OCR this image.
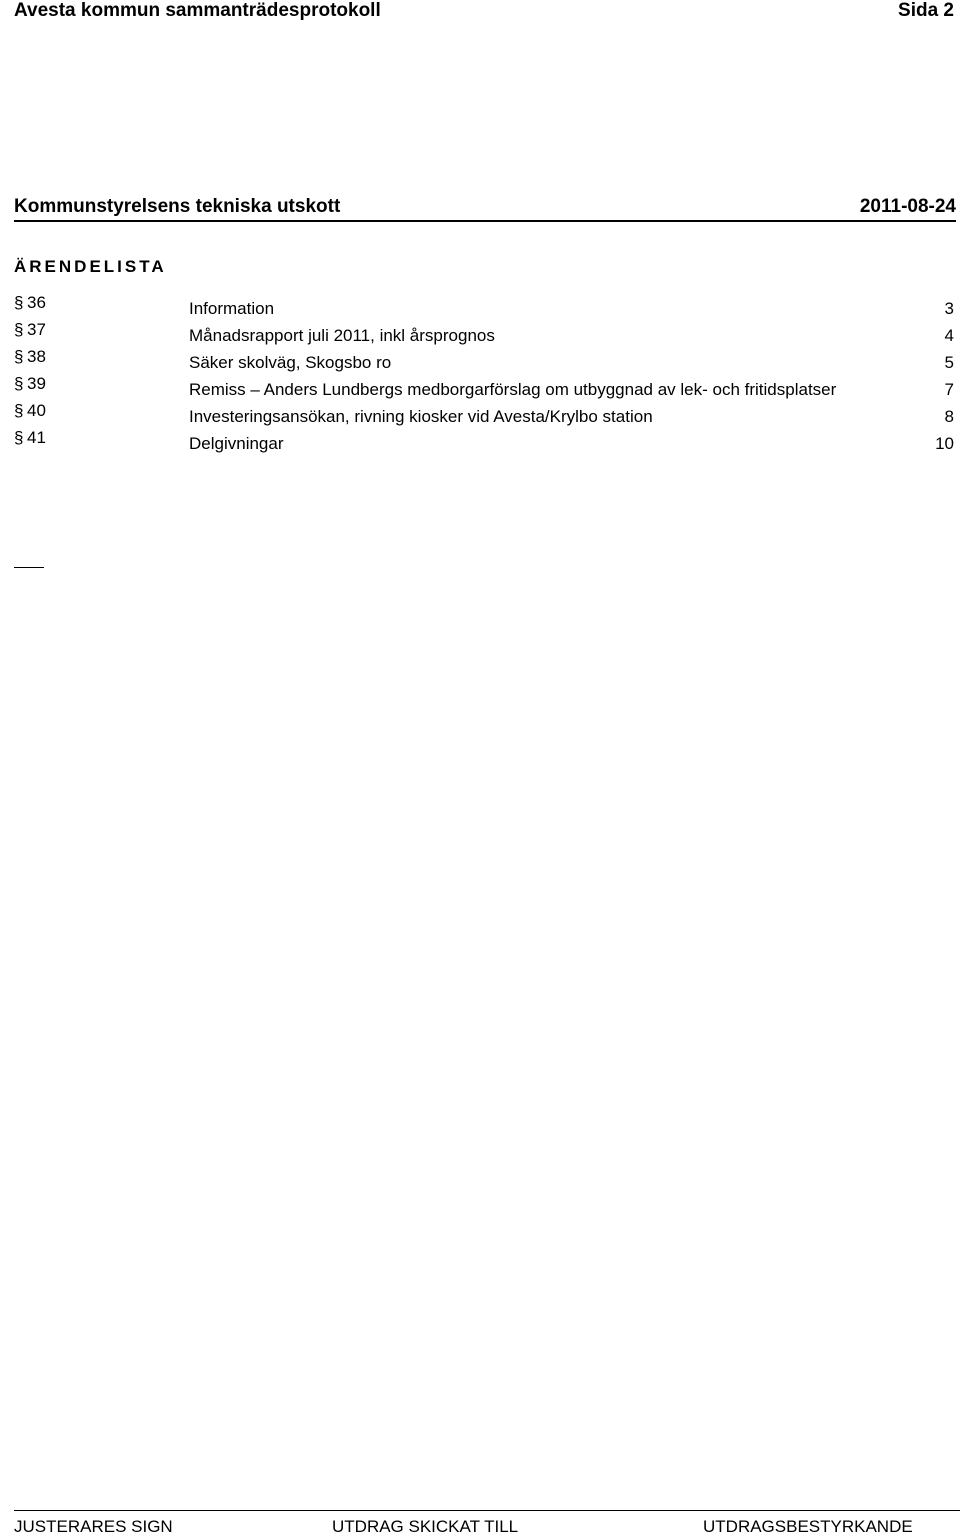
Avesta kommun sammanträdesprotokoll	Sida 2
Kommunstyrelsens tekniska utskott	2011-08-24
ÄRENDELISTA
§ 36	Information	3
§ 37	Månadsrapport juli 2011, inkl årsprognos	4
§ 38	Säker skolväg, Skogsbo ro	5
§ 39	Remiss – Anders Lundbergs medborgarförslag om utbyggnad av lek- och fritidsplatser	7
§ 40	Investeringsansökan, rivning kiosker vid Avesta/Krylbo station	8
§ 41	Delgivningar	10
JUSTERARES SIGN	UTDRAG SKICKAT TILL	UTDRAGSBESTYRKANDE
